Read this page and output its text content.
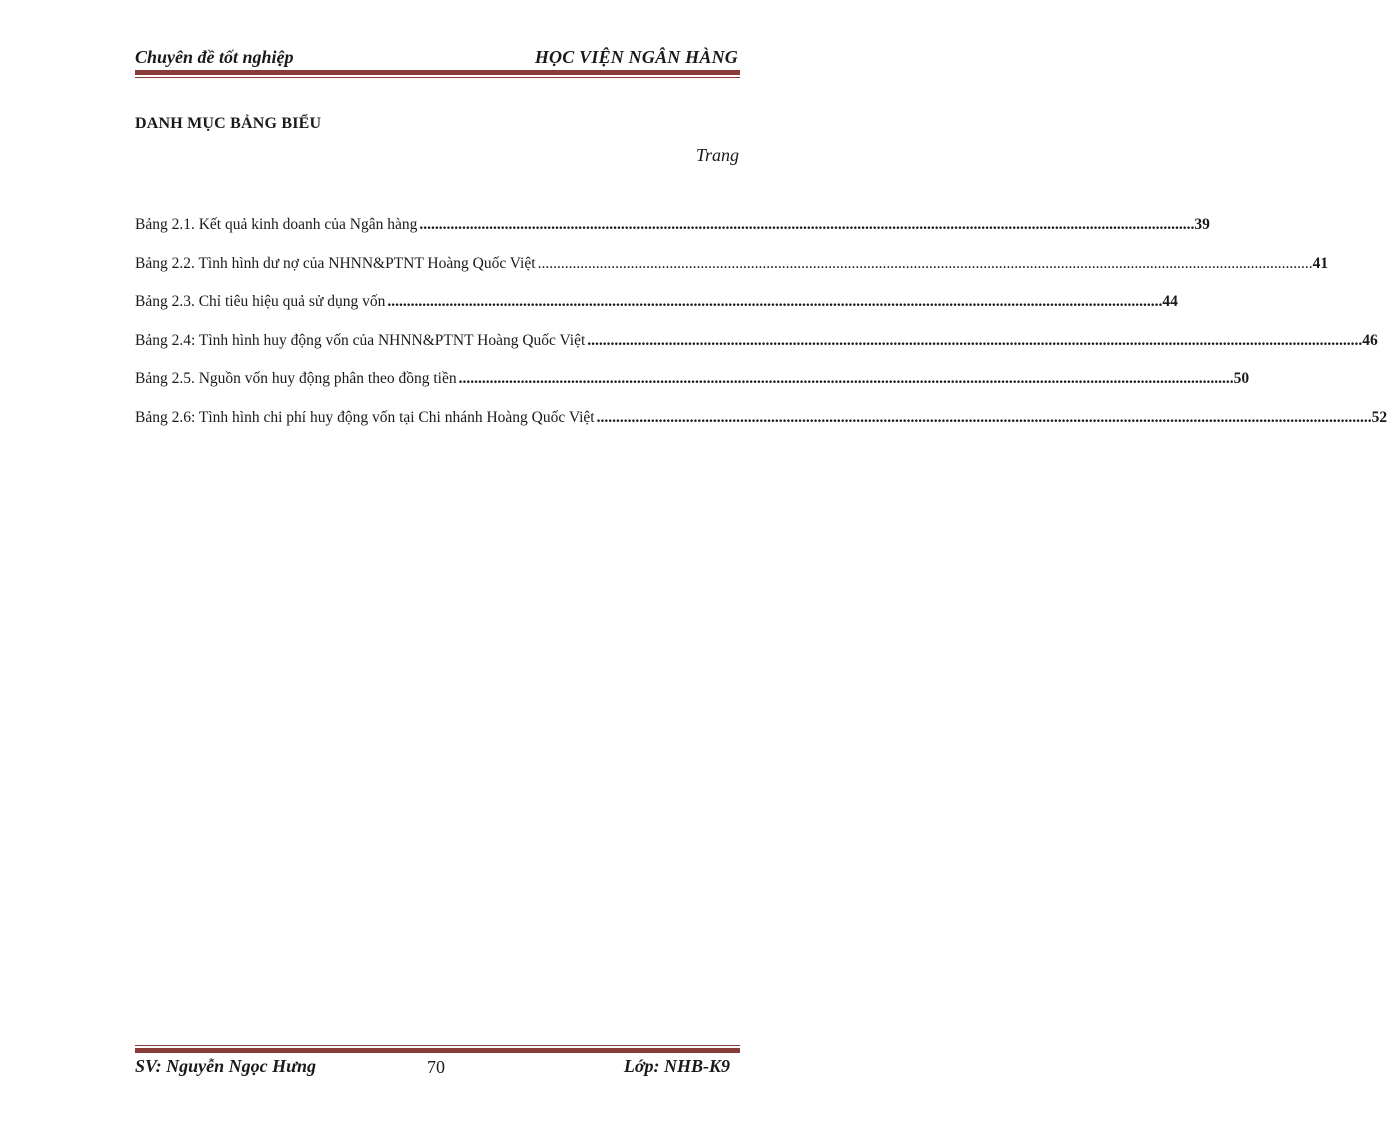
Chuyên đề tốt nghiệp	HỌC VIỆN NGÂN HÀNG
DANH MỤC BẢNG BIỂU
Trang
Bảng 2.1. Kết quả kinh doanh của Ngân hàng ........................................................................................................................................................................................................ 39
Bảng 2.2. Tình hình dư nợ của NHNN&PTNT Hoàng Quốc Việt ........................................................................................................................................................................................................ 41
Bảng 2.3. Chỉ tiêu hiệu quả sử dụng vốn ........................................................................................................................................................................................................ 44
Bảng 2.4: Tình hình huy động vốn của NHNN&PTNT Hoàng Quốc Việt ........................................................................................................................................................................................................ 46
Bảng 2.5. Nguồn vốn huy động phân theo đồng tiền ........................................................................................................................................................................................................ 50
Bảng 2.6: Tình hình chi phí huy động vốn tại Chi nhánh Hoàng Quốc Việt ........................................................................................................................................................................................................ 52
SV: Nguyễn Ngọc Hưng	70	Lớp: NHB-K9
